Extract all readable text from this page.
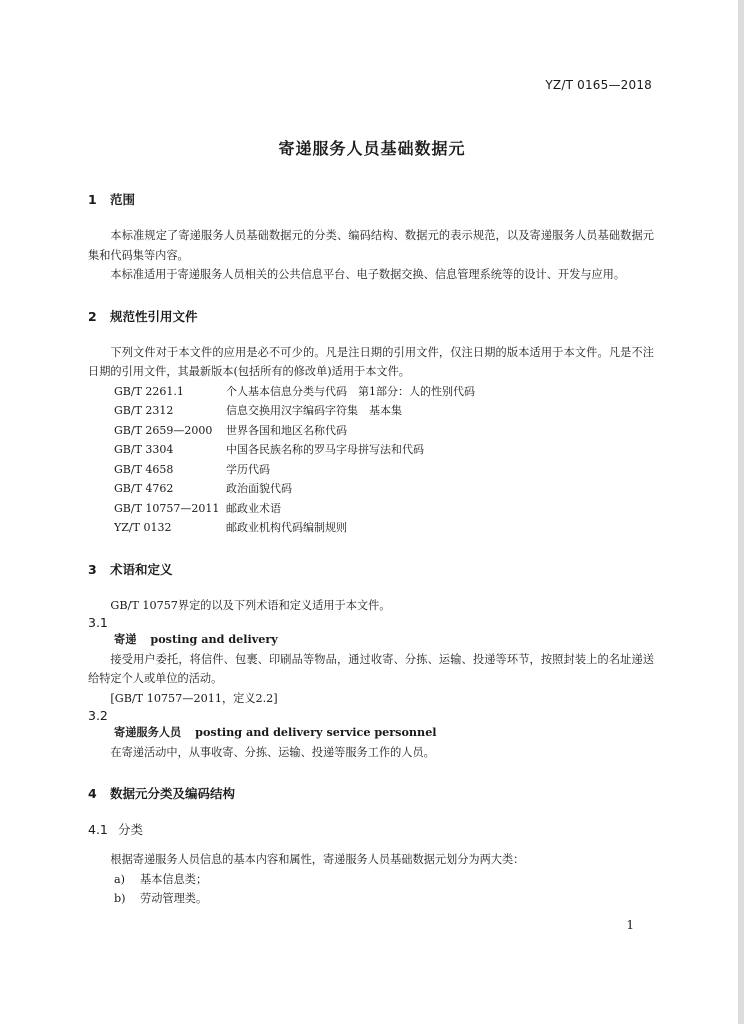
YZ/T 0165—2018
寄递服务人员基础数据元
1 范围

本标准规定了寄递服务人员基础数据元的分类、编码结构、数据元的表示规范，以及寄递服务人员基础数据元集和代码集等内容。

本标准适用于寄递服务人员相关的公共信息平台、电子数据交换、信息管理系统等的设计、开发与应用。

2 规范性引用文件

下列文件对于本文件的应用是必不可少的。凡是注日期的引用文件，仅注日期的版本适用于本文件。凡是不注日期的引用文件，其最新版本(包括所有的修改单)适用于本文件。

GB/T 2261.1	个人基本信息分类与代码　第1部分：人的性别代码
GB/T 2312	信息交换用汉字编码字符集　基本集
GB/T 2659—2000	世界各国和地区名称代码
GB/T 3304	中国各民族名称的罗马字母拼写法和代码
GB/T 4658	学历代码
GB/T 4762	政治面貌代码
GB/T 10757—2011 邮政业术语
YZ/T 0132	邮政业机构代码编制规则
3 术语和定义

GB/T 10757界定的以及下列术语和定义适用于本文件。

3.1
寄递 posting and delivery

接受用户委托，将信件、包裹、印刷品等物品，通过收寄、分拣、运输、投递等环节，按照封装上的名址递送给特定个人或单位的活动。

[GB/T 10757—2011，定义2.2]
3.2
寄递服务人员 posting and delivery service personnel

在寄递活动中，从事收寄、分拣、运输、投递等服务工作的人员。

4 数据元分类及编码结构
4.1 分类

根据寄递服务人员信息的基本内容和属性，寄递服务人员基础数据元划分为两大类：

a)	基本信息类；
b)	劳动管理类。
1
